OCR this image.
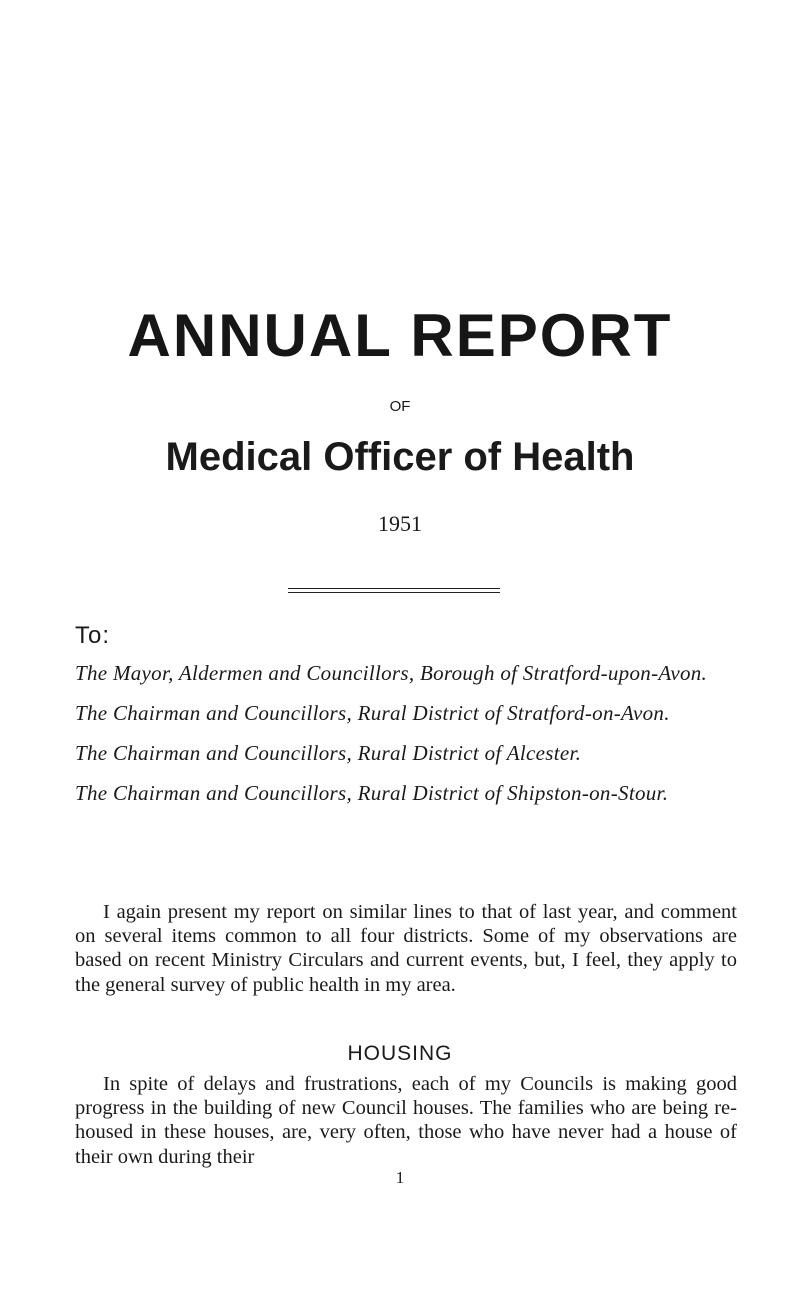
ANNUAL REPORT
OF
Medical Officer of Health
1951
To:

The Mayor, Aldermen and Councillors, Borough of Stratford-upon-Avon.

The Chairman and Councillors, Rural District of Stratford-on-Avon.

The Chairman and Councillors, Rural District of Alcester.

The Chairman and Councillors, Rural District of Shipston-on-Stour.

I again present my report on similar lines to that of last year, and comment on several items common to all four districts. Some of my observations are based on recent Ministry Circulars and current events, but, I feel, they apply to the general survey of public health in my area.

HOUSING

In spite of delays and frustrations, each of my Councils is making good progress in the building of new Council houses. The families who are being re-housed in these houses, are, very often, those who have never had a house of their own during their

1
